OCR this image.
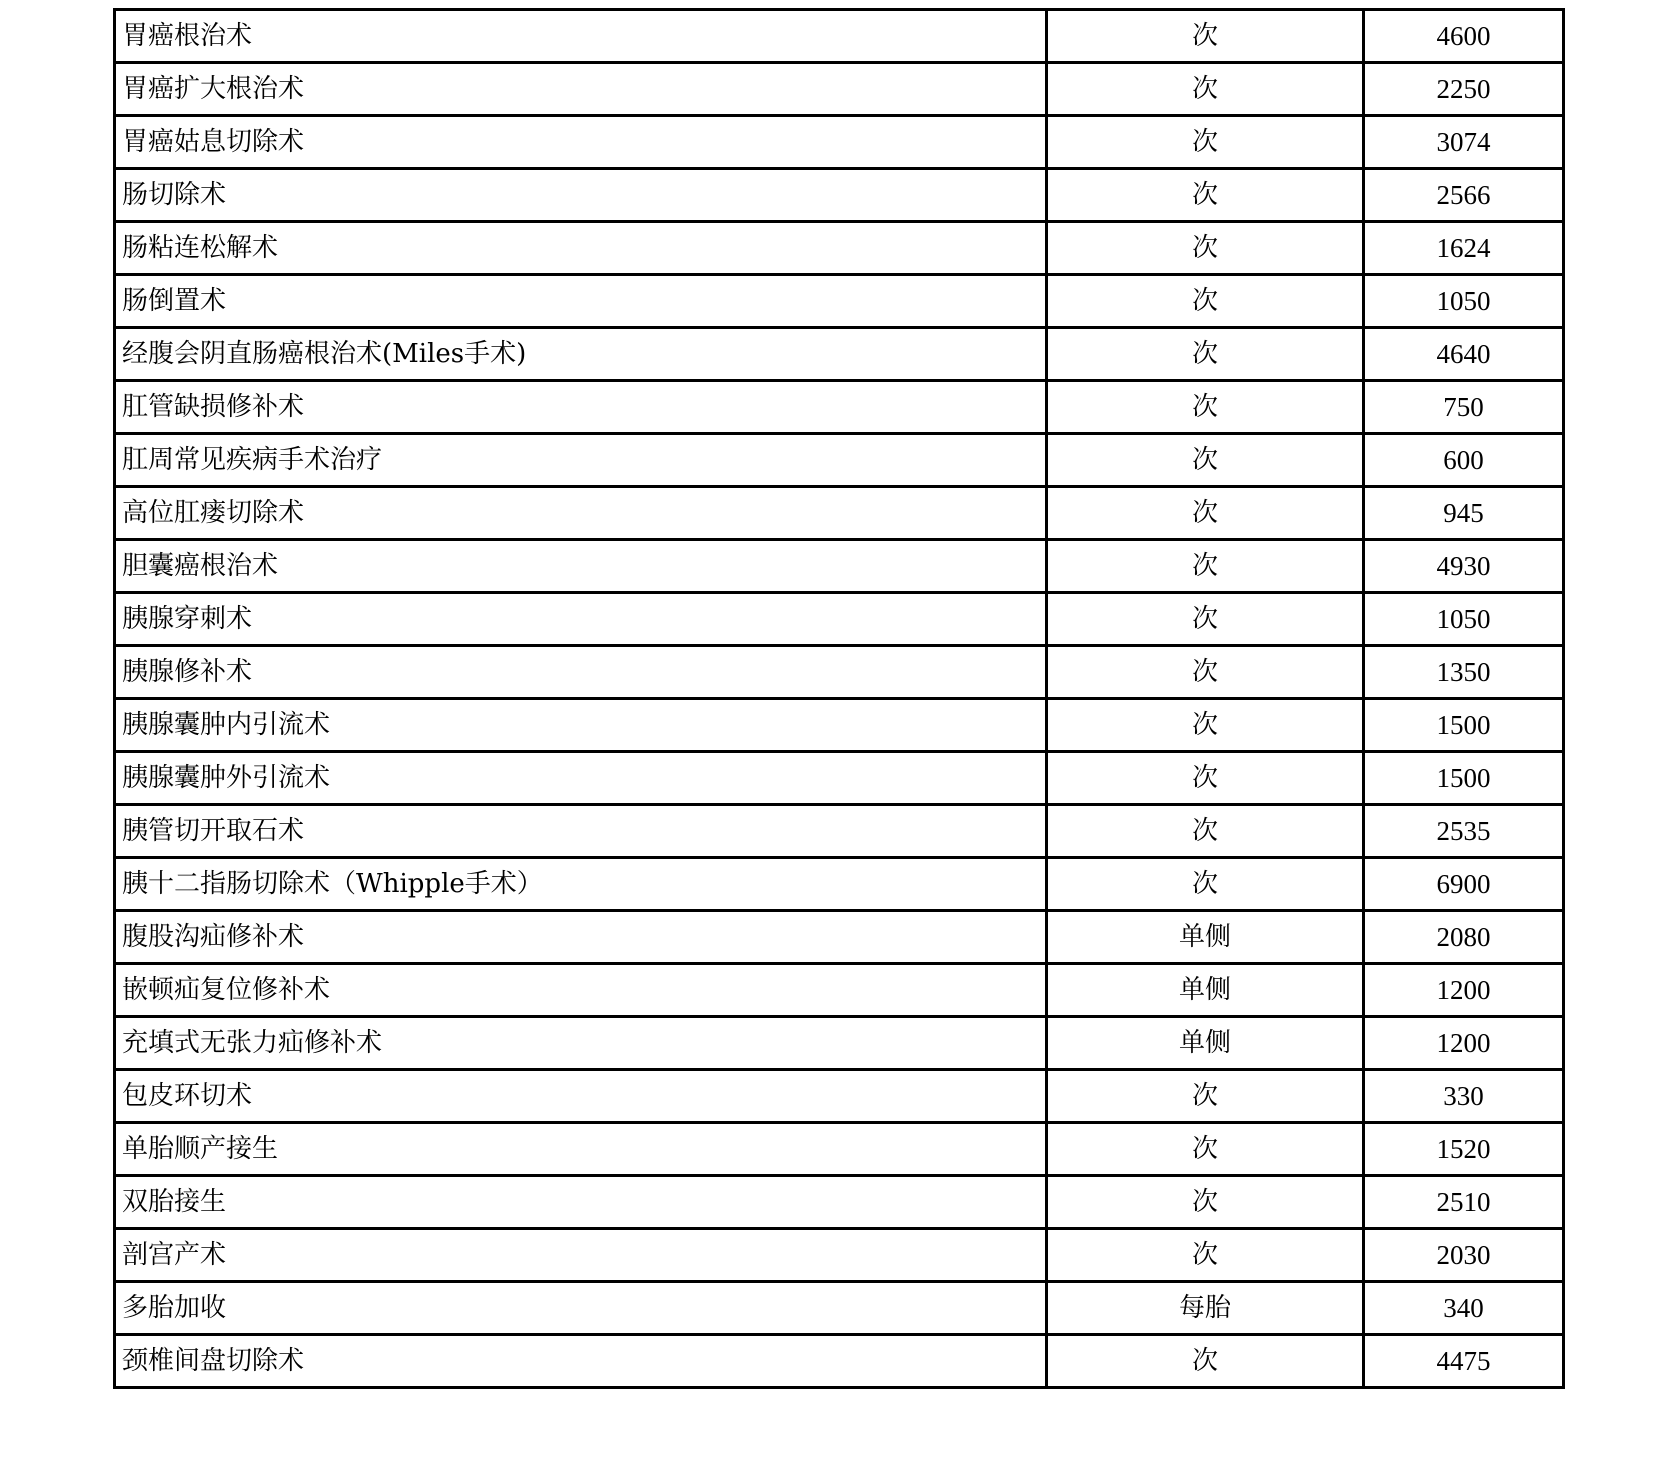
胃癌根治术	次	4600
胃癌扩大根治术	次	2250
胃癌姑息切除术	次	3074
肠切除术	次	2566
肠粘连松解术	次	1624
肠倒置术	次	1050
经腹会阴直肠癌根治术(Miles手术)	次	4640
肛管缺损修补术	次	750
肛周常见疾病手术治疗	次	600
高位肛瘘切除术	次	945
胆囊癌根治术	次	4930
胰腺穿刺术	次	1050
胰腺修补术	次	1350
胰腺囊肿内引流术	次	1500
胰腺囊肿外引流术	次	1500
胰管切开取石术	次	2535
胰十二指肠切除术（Whipple手术）	次	6900
腹股沟疝修补术	单侧	2080
嵌顿疝复位修补术	单侧	1200
充填式无张力疝修补术	单侧	1200
包皮环切术	次	330
单胎顺产接生	次	1520
双胎接生	次	2510
剖宫产术	次	2030
多胎加收	每胎	340
颈椎间盘切除术	次	4475
